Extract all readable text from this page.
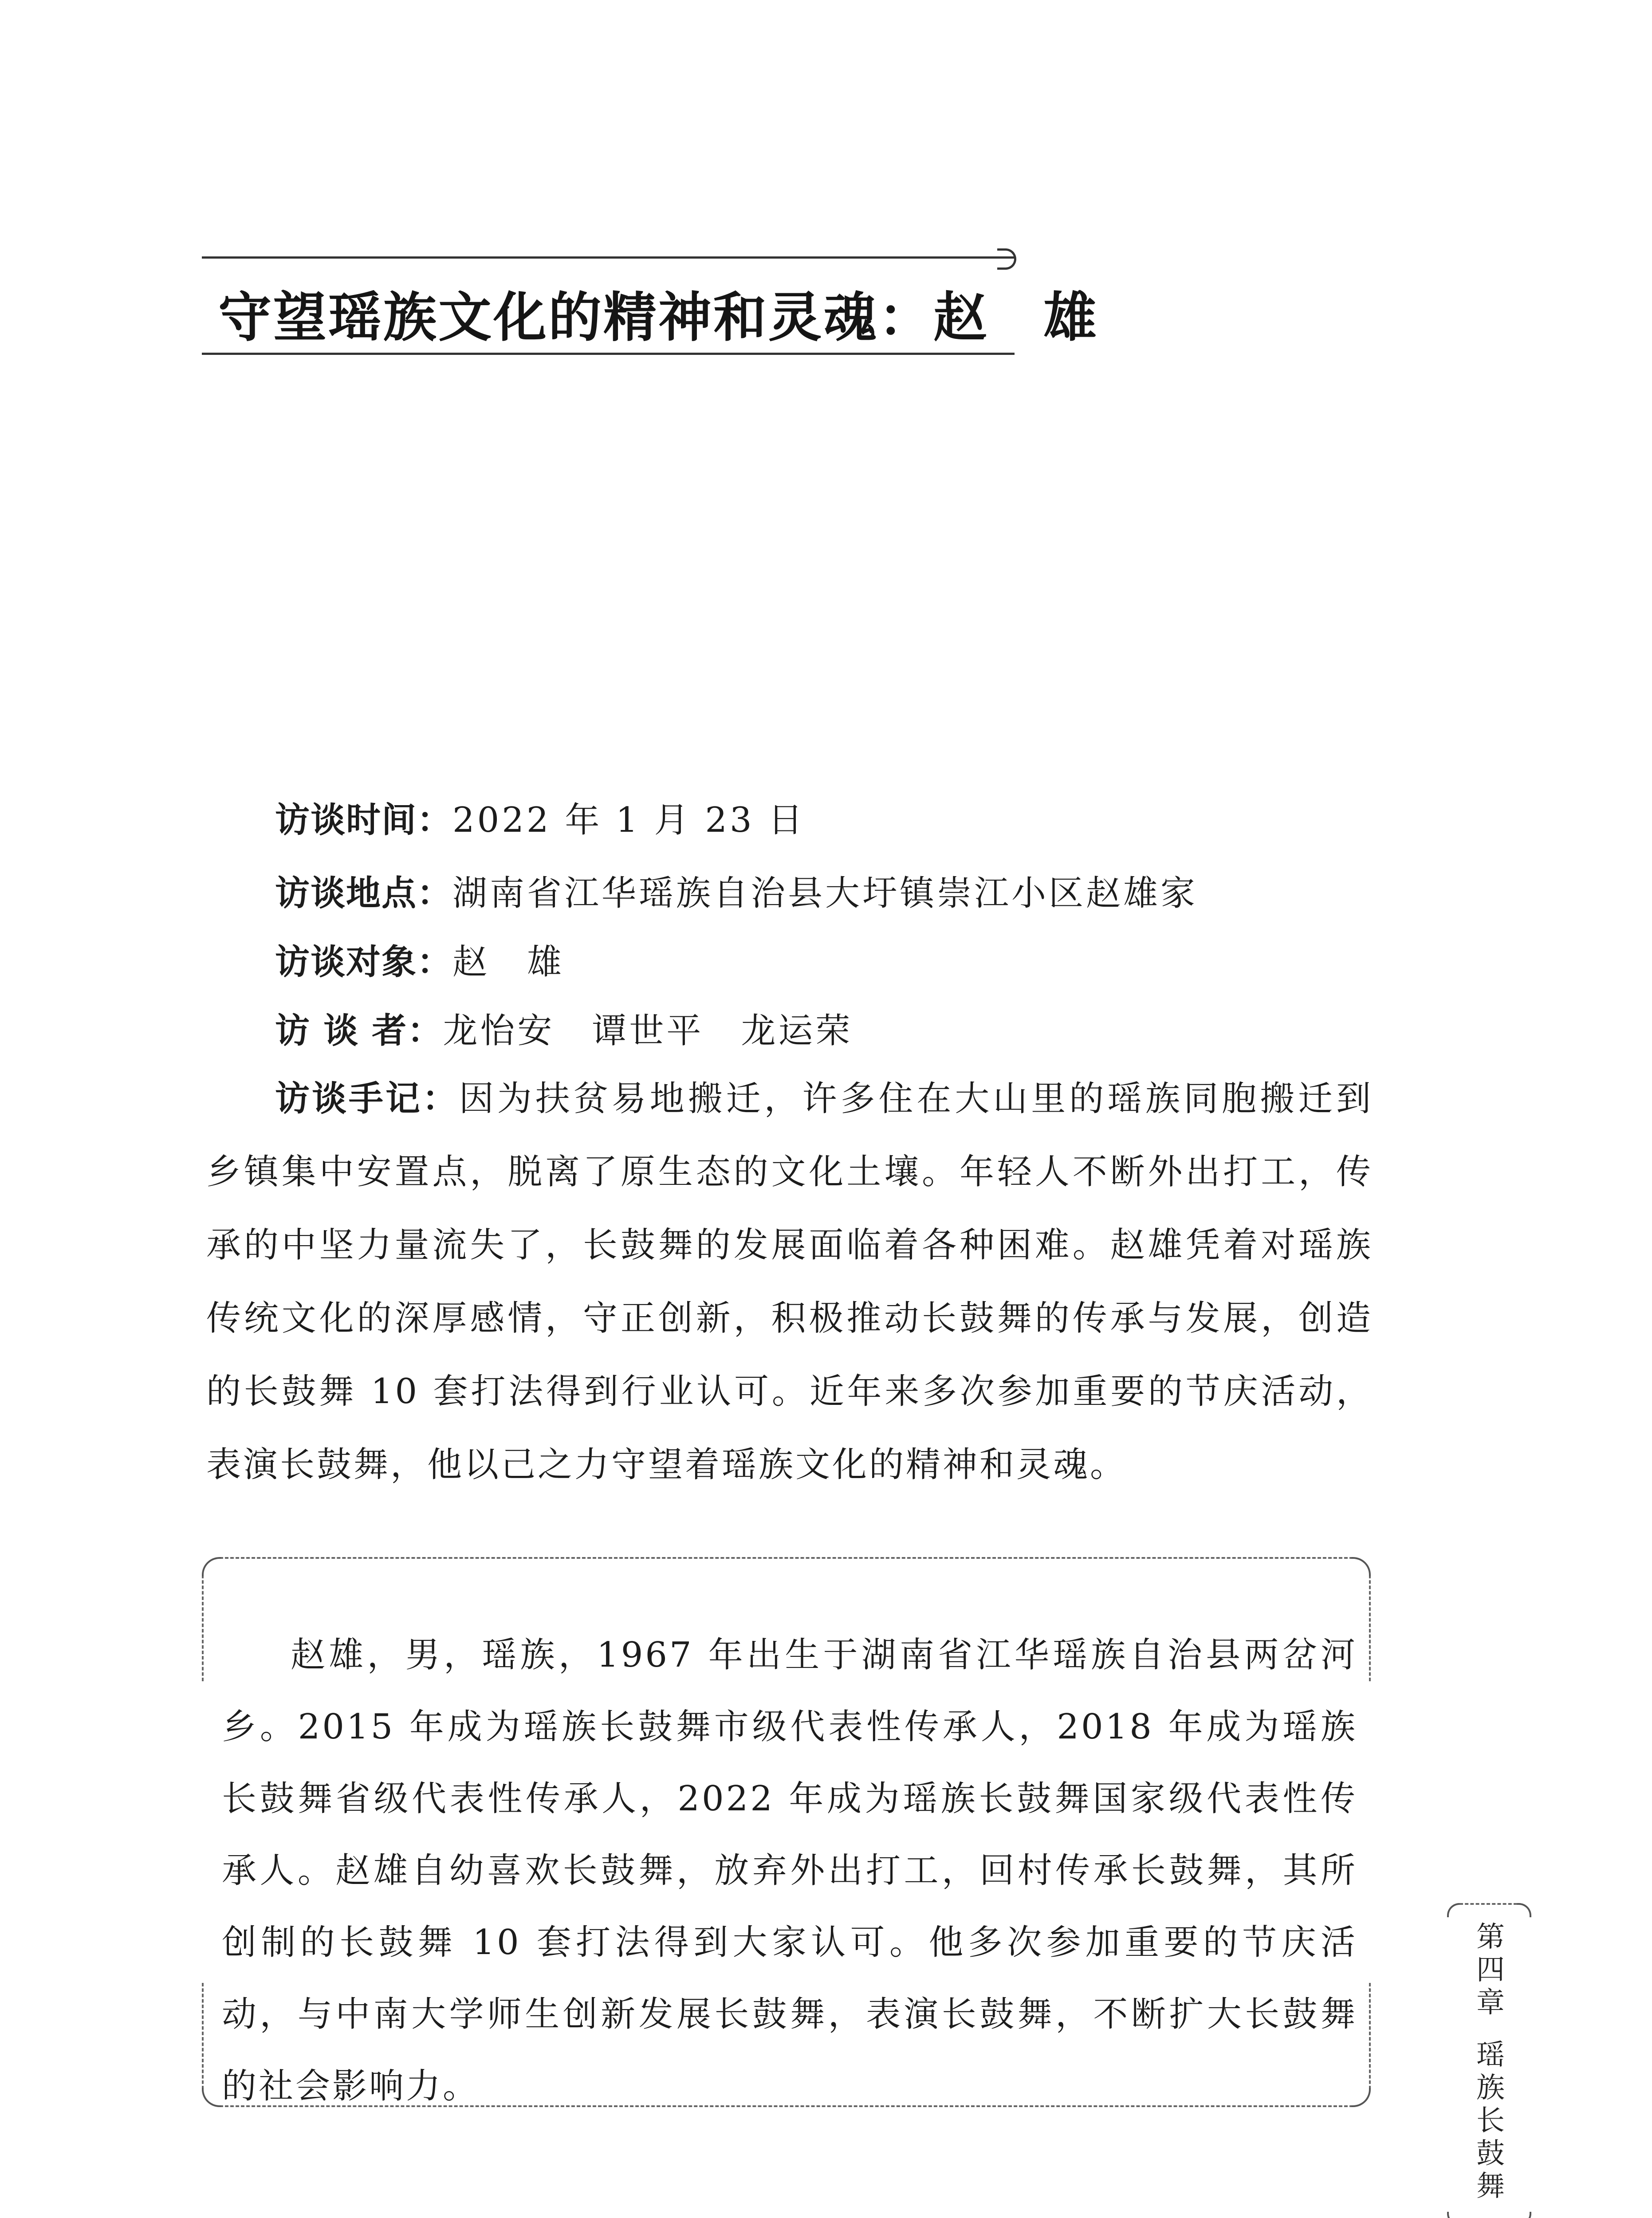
守望瑶族文化的精神和灵魂：赵　雄
访谈时间：2022 年 1 月 23 日
访谈地点：湖南省江华瑶族自治县大圩镇崇江小区赵雄家
访谈对象：赵　雄
访 谈 者：龙怡安　谭世平　龙运荣
访谈手记：因为扶贫易地搬迁，许多住在大山里的瑶族同胞搬迁到乡镇集中安置点，脱离了原生态的文化土壤。年轻人不断外出打工，传承的中坚力量流失了，长鼓舞的发展面临着各种困难。赵雄凭着对瑶族传统文化的深厚感情，守正创新，积极推动长鼓舞的传承与发展，创造的长鼓舞 10 套打法得到行业认可。近年来多次参加重要的节庆活动，表演长鼓舞，他以己之力守望着瑶族文化的精神和灵魂。
赵雄，男，瑶族，1967 年出生于湖南省江华瑶族自治县两岔河乡。2015 年成为瑶族长鼓舞市级代表性传承人，2018 年成为瑶族长鼓舞省级代表性传承人，2022 年成为瑶族长鼓舞国家级代表性传承人。赵雄自幼喜欢长鼓舞，放弃外出打工，回村传承长鼓舞，其所创制的长鼓舞 10 套打法得到大家认可。他多次参加重要的节庆活动，与中南大学师生创新发展长鼓舞，表演长鼓舞，不断扩大长鼓舞的社会影响力。
第四章
瑶族长鼓舞
